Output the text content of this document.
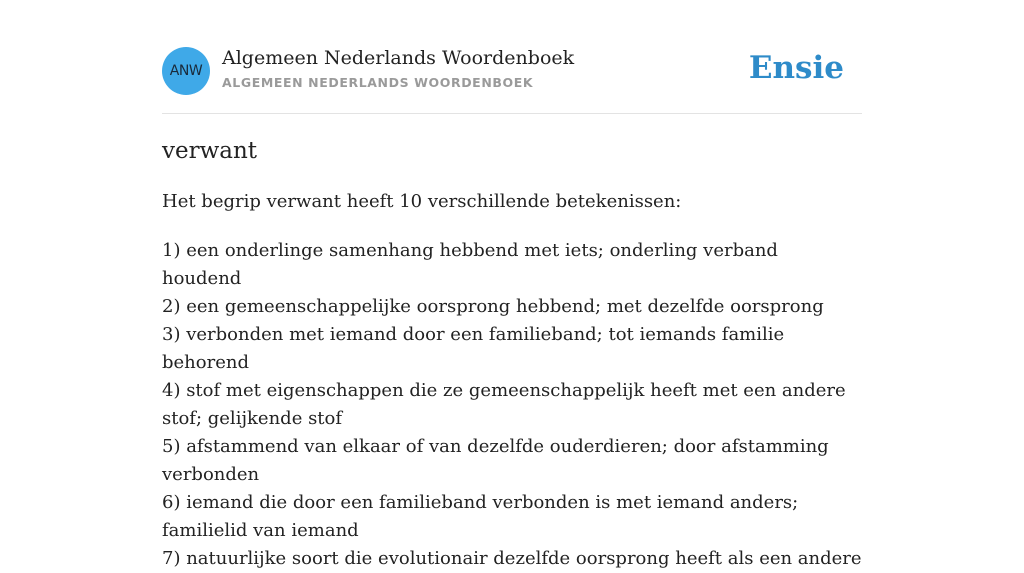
ANW
Algemeen Nederlands Woordenboek
ALGEMEEN NEDERLANDS WOORDENBOEK	Ensie
verwant

Het begrip verwant heeft 10 verschillende betekenissen:

1) een onderlinge samenhang hebbend met iets; onderling verband houdend
2) een gemeenschappelijke oorsprong hebbend; met dezelfde oorsprong
3) verbonden met iemand door een familieband; tot iemands familie behorend
4) stof met eigenschappen die ze gemeenschappelijk heeft met een andere stof; gelijkende stof
5) afstammend van elkaar of van dezelfde ouderdieren; door afstamming verbonden
6) iemand die door een familieband verbonden is met iemand anders; familielid van iemand
7) natuurlijke soort die evolutionair dezelfde oorsprong heeft als een andere
